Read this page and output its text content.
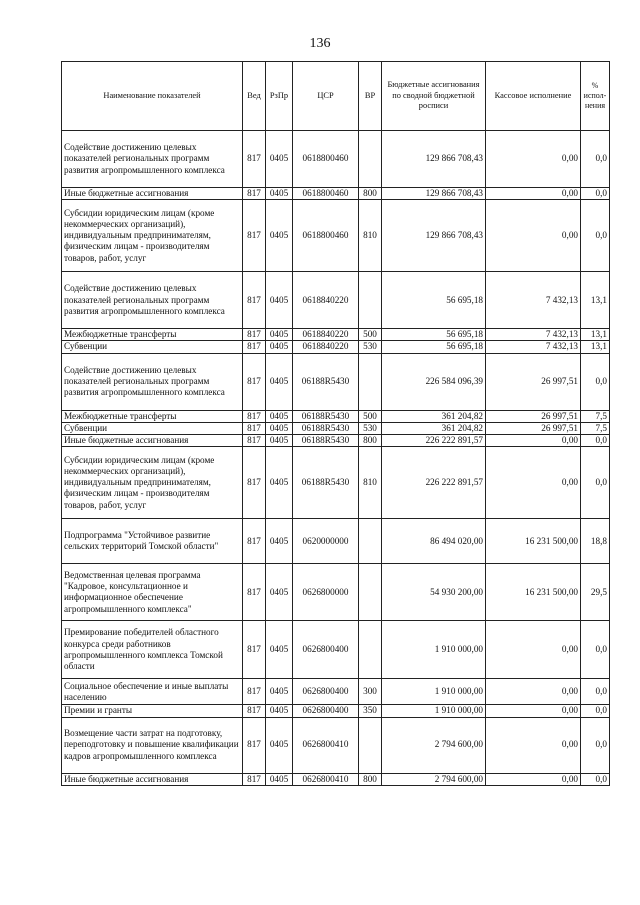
136
Наименование показателей	Вед	РзПр	ЦСР	ВР	Бюджетные ассигнования по сводной бюджетной росписи	Кассовое исполнение	% испол-нения
Содействие достижению целевых показателей региональных программ развития агропромышленного комплекса	817	0405	0618800460		129 866 708,43	0,00	0,0
Иные бюджетные ассигнования	817	0405	0618800460	800	129 866 708,43	0,00	0,0
Субсидии юридическим лицам (кроме некоммерческих организаций), индивидуальным предпринимателям, физическим лицам - производителям товаров, работ, услуг	817	0405	0618800460	810	129 866 708,43	0,00	0,0
Содействие достижению целевых показателей региональных программ развития агропромышленного комплекса	817	0405	0618840220		56 695,18	7 432,13	13,1
Межбюджетные трансферты	817	0405	0618840220	500	56 695,18	7 432,13	13,1
Субвенции	817	0405	0618840220	530	56 695,18	7 432,13	13,1
Содействие достижению целевых показателей региональных программ развития агропромышленного комплекса	817	0405	06188R5430		226 584 096,39	26 997,51	0,0
Межбюджетные трансферты	817	0405	06188R5430	500	361 204,82	26 997,51	7,5
Субвенции	817	0405	06188R5430	530	361 204,82	26 997,51	7,5
Иные бюджетные ассигнования	817	0405	06188R5430	800	226 222 891,57	0,00	0,0
Субсидии юридическим лицам (кроме некоммерческих организаций), индивидуальным предпринимателям, физическим лицам - производителям товаров, работ, услуг	817	0405	06188R5430	810	226 222 891,57	0,00	0,0
Подпрограмма "Устойчивое развитие сельских территорий Томской области"	817	0405	0620000000		86 494 020,00	16 231 500,00	18,8
Ведомственная целевая программа "Кадровое, консультационное и информационное обеспечение агропромышленного комплекса"	817	0405	0626800000		54 930 200,00	16 231 500,00	29,5
Премирование победителей областного конкурса среди работников агропромышленного комплекса Томской области	817	0405	0626800400		1 910 000,00	0,00	0,0
Социальное обеспечение и иные выплаты населению	817	0405	0626800400	300	1 910 000,00	0,00	0,0
Премии и гранты	817	0405	0626800400	350	1 910 000,00	0,00	0,0
Возмещение части затрат на подготовку, переподготовку и повышение квалификации кадров агропромышленного комплекса	817	0405	0626800410		2 794 600,00	0,00	0,0
Иные бюджетные ассигнования	817	0405	0626800410	800	2 794 600,00	0,00	0,0
